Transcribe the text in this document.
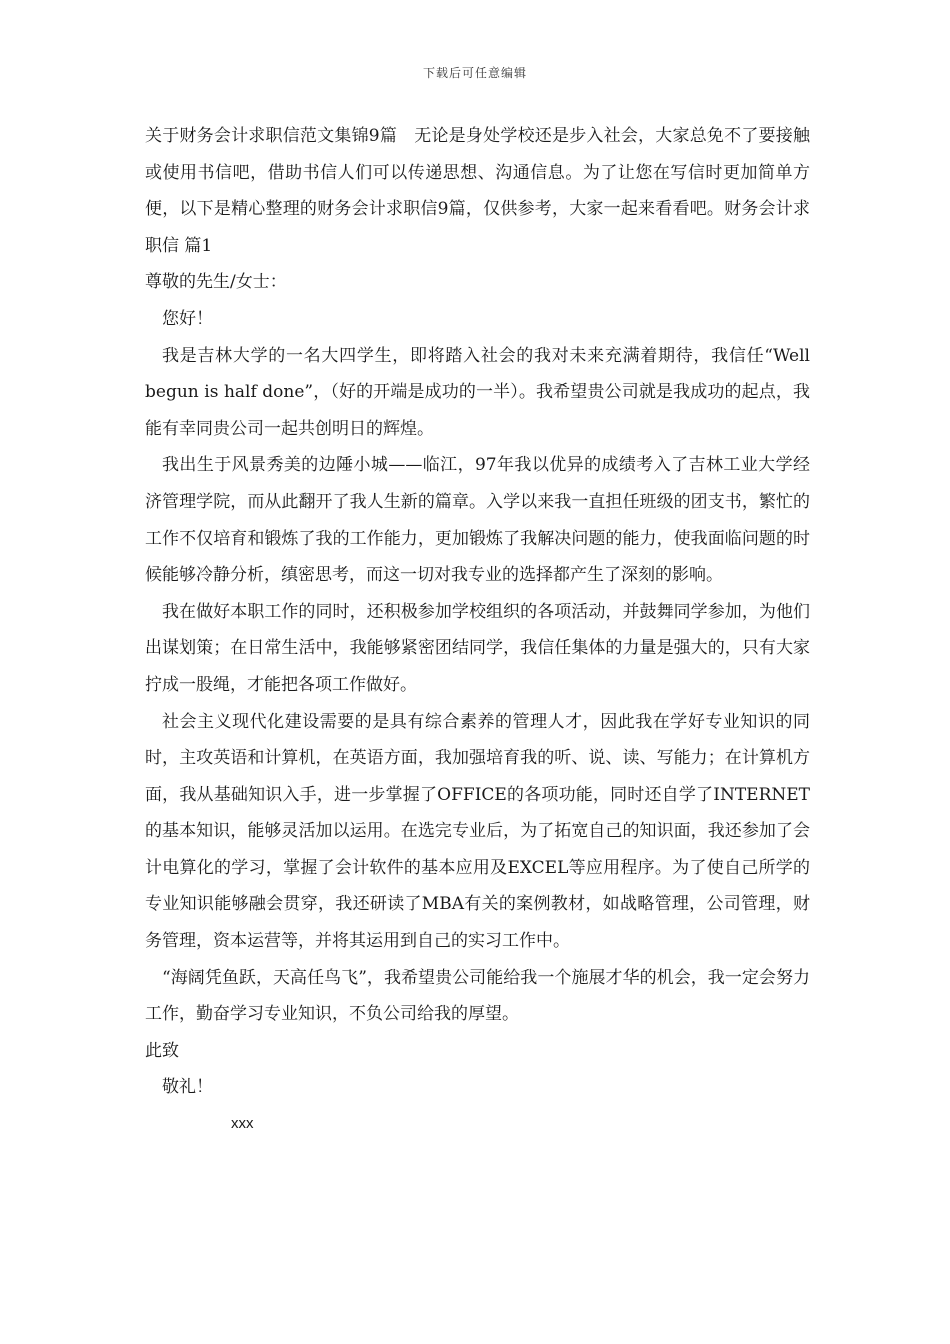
下载后可任意编辑

关于财务会计求职信范文集锦9篇　无论是身处学校还是步入社会，大家总免不了要接触或使用书信吧，借助书信人们可以传递思想、沟通信息。为了让您在写信时更加简单方便，以下是精心整理的财务会计求职信9篇，仅供参考，大家一起来看看吧。财务会计求职信 篇1

尊敬的先生/女士：

您好！

我是吉林大学的一名大四学生，即将踏入社会的我对未来充满着期待，我信任“Well begun is half done”，（好的开端是成功的一半）。我希望贵公司就是我成功的起点，我能有幸同贵公司一起共创明日的辉煌。

我出生于风景秀美的边陲小城——临江，97年我以优异的成绩考入了吉林工业大学经济管理学院，而从此翻开了我人生新的篇章。入学以来我一直担任班级的团支书，繁忙的工作不仅培育和锻炼了我的工作能力，更加锻炼了我解决问题的能力，使我面临问题的时候能够冷静分析，缜密思考，而这一切对我专业的选择都产生了深刻的影响。

我在做好本职工作的同时，还积极参加学校组织的各项活动，并鼓舞同学参加，为他们出谋划策；在日常生活中，我能够紧密团结同学，我信任集体的力量是强大的，只有大家拧成一股绳，才能把各项工作做好。

社会主义现代化建设需要的是具有综合素养的管理人才，因此我在学好专业知识的同时，主攻英语和计算机，在英语方面，我加强培育我的听、说、读、写能力；在计算机方面，我从基础知识入手，进一步掌握了OFFICE的各项功能，同时还自学了INTERNET的基本知识，能够灵活加以运用。在选完专业后，为了拓宽自己的知识面，我还参加了会计电算化的学习，掌握了会计软件的基本应用及EXCEL等应用程序。为了使自己所学的专业知识能够融会贯穿，我还研读了MBA有关的案例教材，如战略管理，公司管理，财务管理，资本运营等，并将其运用到自己的实习工作中。

“海阔凭鱼跃，天高任鸟飞”，我希望贵公司能给我一个施展才华的机会，我一定会努力工作，勤奋学习专业知识，不负公司给我的厚望。

此致

敬礼！

xxx
